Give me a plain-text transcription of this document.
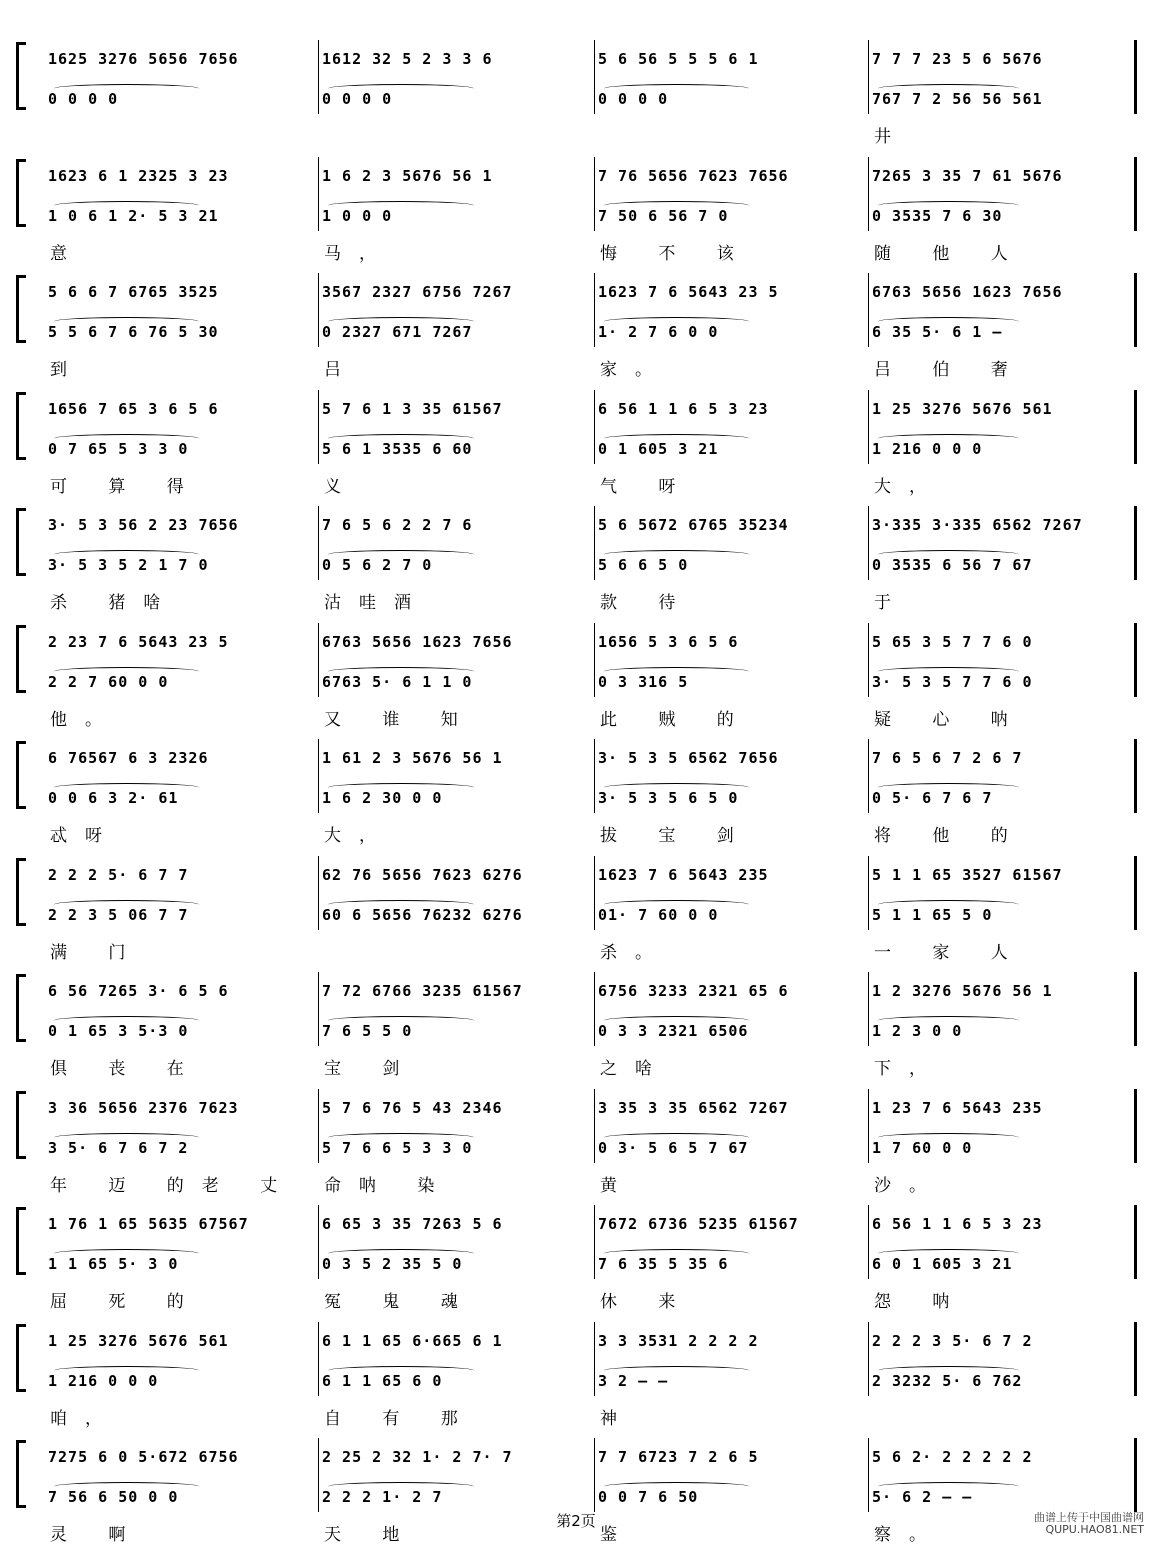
1625 3276 5656 7656
0 0 0 0
1612 32 5 2 3 3 6
0 0 0 0
5 6 56 5 5 5 6 1
0 0 0 0
7 7 7 23 5 6 5676
767 7 2 56 56 561
井
1623 6 1 2325 3 23
1 0 6 1 2· 5 3 21
意
1 6 2 3 5676 56 1
1 0 0 0
马，
7 76 5656 7623 7656
7 50 6 56 7 0
悔 不 该
7265 3 35 7 61 5676
0 3535 7 6 30
随 他 人
5 6 6 7 6765 3525
5 5 6 7 6 76 5 30
到
3567 2327 6756 7267
0 2327 671 7267
吕
1623 7 6 5643 23 5
1· 2 7 6 0 0
家。
6763 5656 1623 7656
6 35 5· 6 1 —
吕 伯 奢
1656 7 65 3 6 5 6
0 7 65 5 3 3 0
可 算 得
5 7 6 1 3 35 61567
5 6 1 3535 6 60
义
6 56 1 1 6 5 3 23
0 1 605 3 21
气 呀
1 25 3276 5676 561
1 216 0 0 0
大，
3· 5 3 56 2 23 7656
3· 5 3 5 2 1 7 0
杀 猪啥
7 6 5 6 2 2 7 6
0 5 6 2 7 0
沽哇酒
5 6 5672 6765 35234
5 6 6 5 0
款 待
3·335 3·335 6562 7267
0 3535 6 56 7 67
于
2 23 7 6 5643 23 5
2 2 7 60 0 0
他。
6763 5656 1623 7656
6763 5· 6 1 1 0
又 谁 知
1656 5 3 6 5 6
0 3 316 5
此 贼 的
5 65 3 5 7 7 6 0
3· 5 3 5 7 7 6 0
疑 心 呐
6 76567 6 3 2326
0 0 6 3 2· 61
忒呀
1 61 2 3 5676 56 1
1 6 2 30 0 0
大，
3· 5 3 5 6562 7656
3· 5 3 5 6 5 0
拔 宝 剑
7 6 5 6 7 2 6 7
0 5· 6 7 6 7
将 他 的
2 2 2 5· 6 7 7
2 2 3 5 06 7 7
满 门
62 76 5656 7623 6276
60 6 5656 76232 6276
1623 7 6 5643 235
01· 7 60 0 0
杀。
5 1 1 65 3527 61567
5 1 1 65 5 0
一 家 人
6 56 7265 3· 6 5 6
0 1 65 3 5·3 0
俱 丧 在
7 72 6766 3235 61567
7 6 5 5 0
宝 剑
6756 3233 2321 65 6
0 3 3 2321 6506
之啥
1 2 3276 5676 56 1
1 2 3 0 0
下，
3 36 5656 2376 7623
3 5· 6 7 6 7 2
年 迈 的老 丈
5 7 6 76 5 43 2346
5 7 6 6 5 3 3 0
命呐 染
3 35 3 35 6562 7267
0 3· 5 6 5 7 67
黄
1 23 7 6 5643 235
1 7 60 0 0
沙。
1 76 1 65 5635 67567
1 1 65 5· 3 0
屈 死 的
6 65 3 35 7263 5 6
0 3 5 2 35 5 0
冤 鬼 魂
7672 6736 5235 61567
7 6 35 5 35 6
休 来
6 56 1 1 6 5 3 23
6 0 1 605 3 21
怨 呐
1 25 3276 5676 561
1 216 0 0 0
咱，
6 1 1 65 6·665 6 1
6 1 1 65 6 0
自 有 那
3 3 3531 2 2 2 2
3 2 — —
神
2 2 2 3 5· 6 7 2
2 3232 5· 6 762
7275 6 0 5·672 6756
7 56 6 50 0 0
灵 啊
2 25 2 32 1· 2 7· 7
2 2 2 1· 2 7
天 地
7 7 6723 7 2 6 5
0 0 7 6 50
鉴
5 6 2· 2 2 2 2 2
5· 6 2 — —
察。
第2页	曲谱上传于中国曲谱网
QUPU.HAO81.NET
